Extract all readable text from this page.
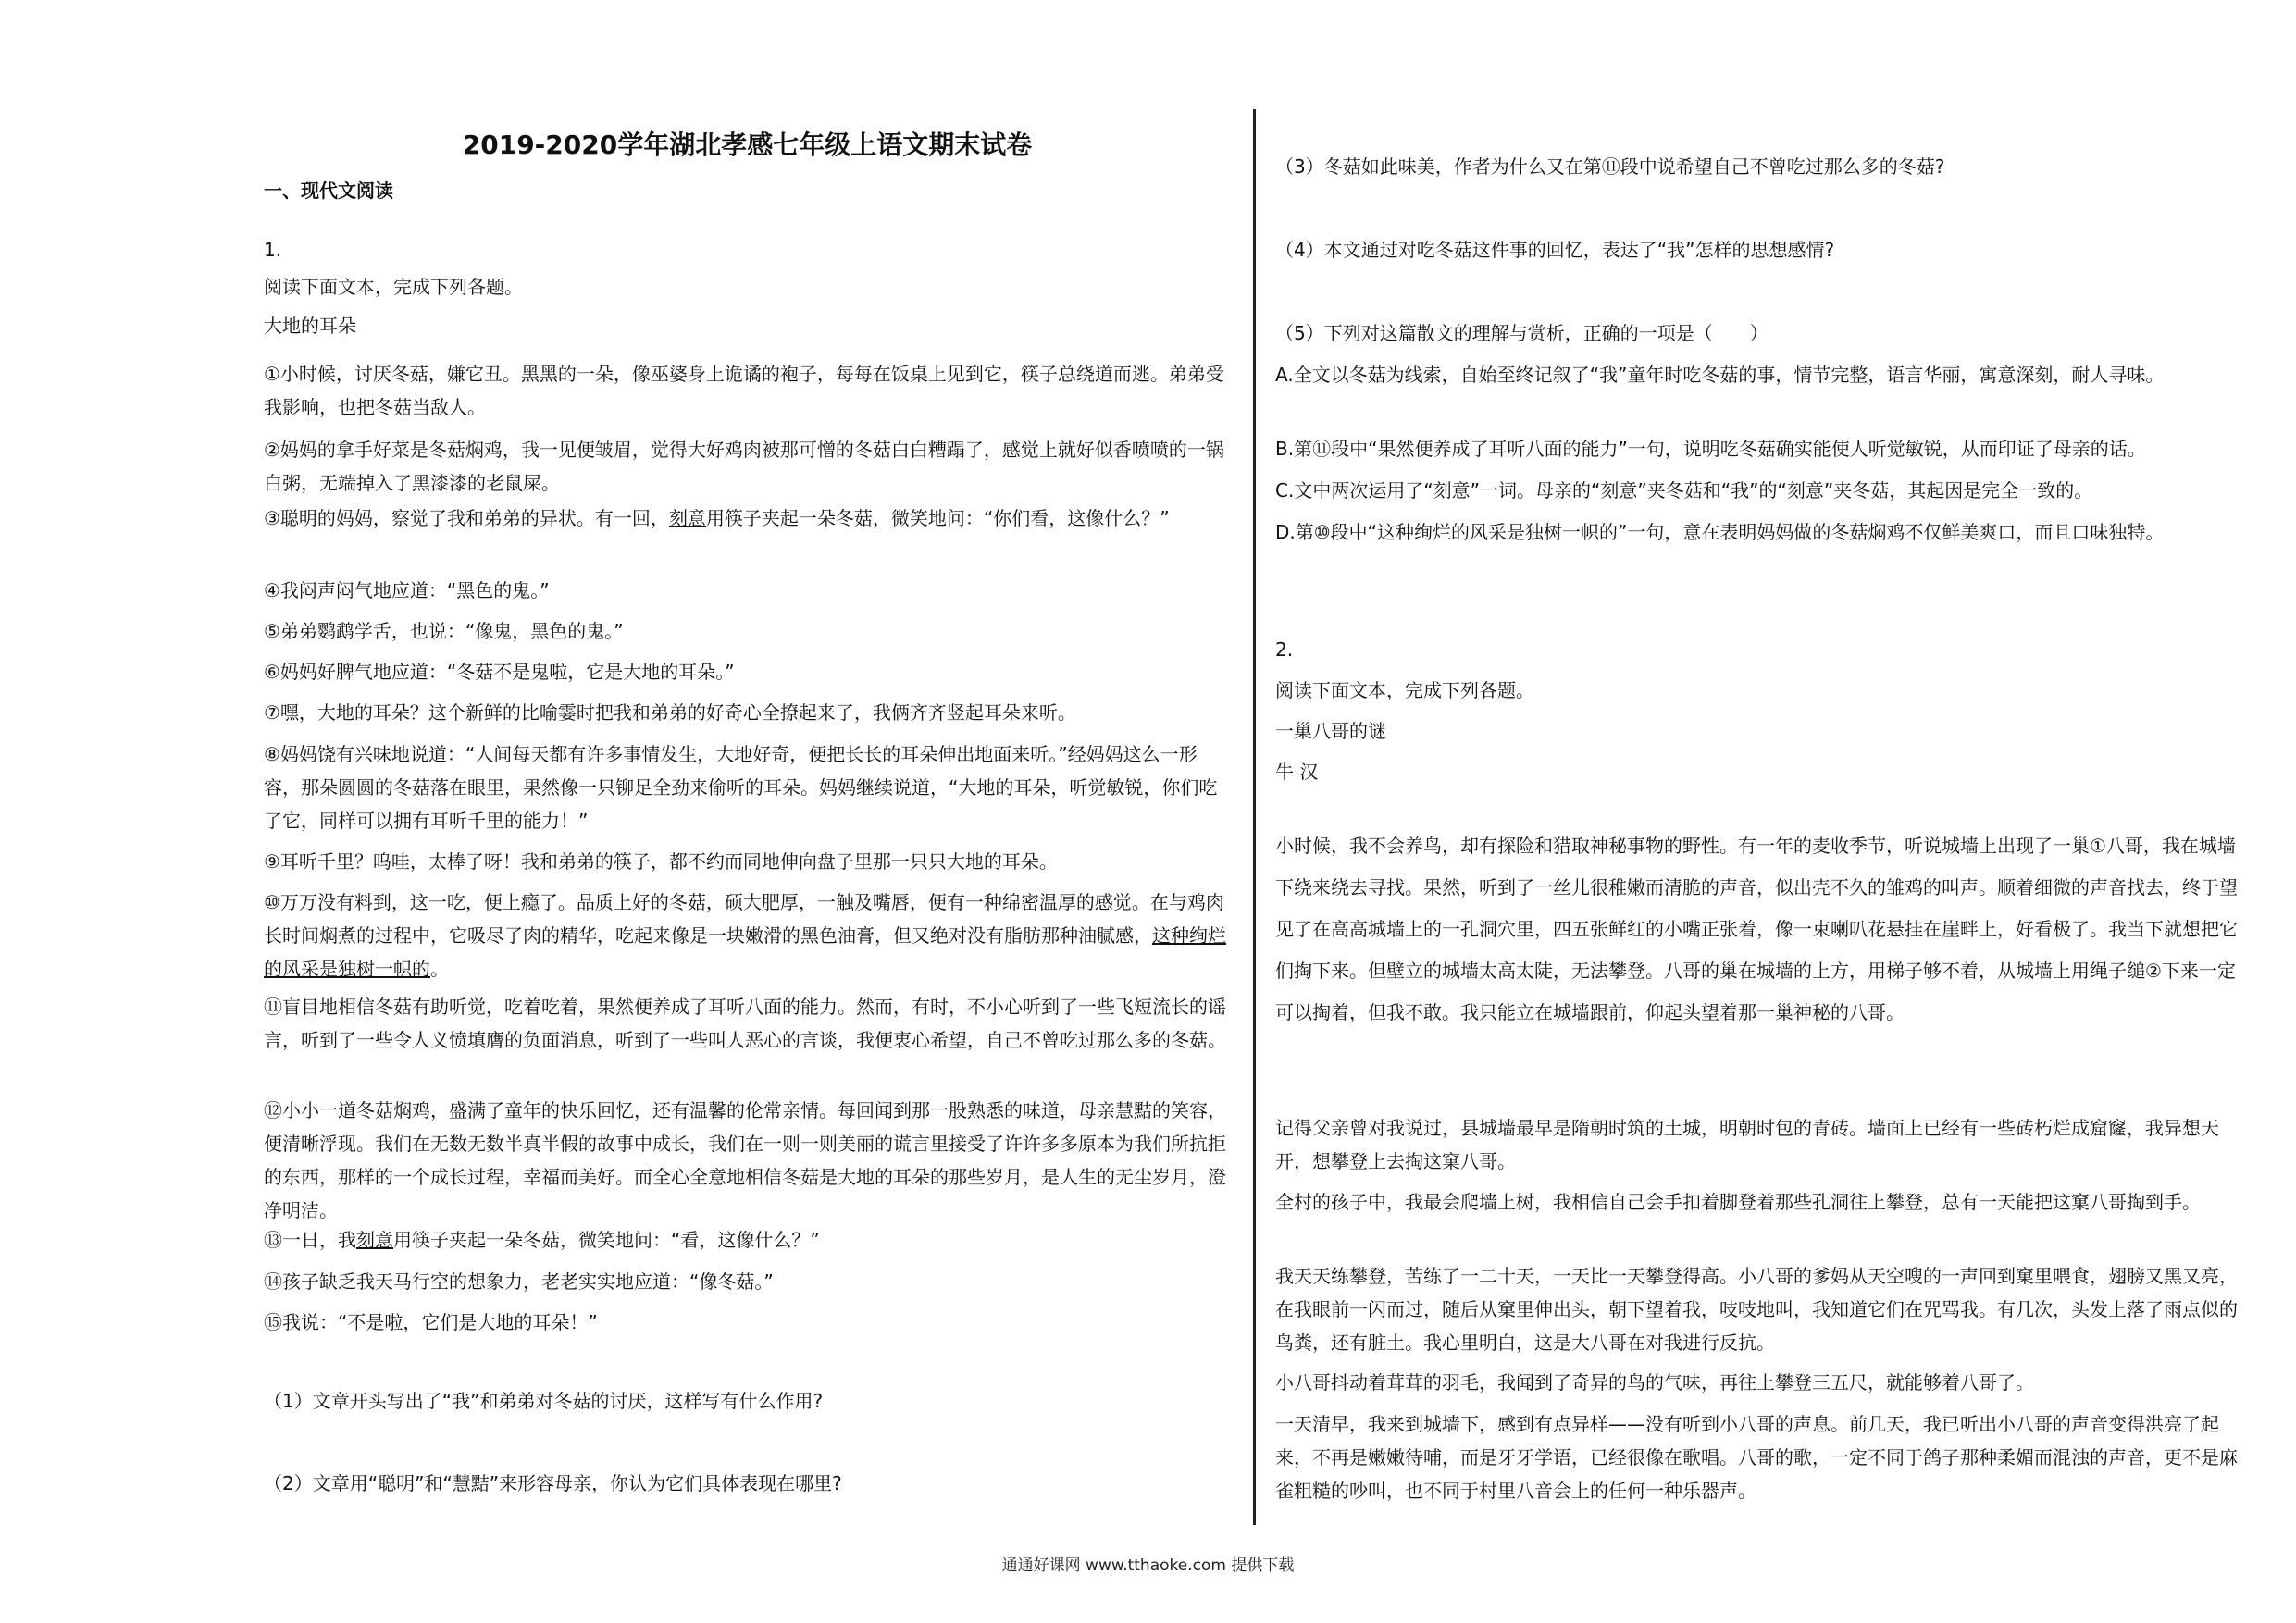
2019-2020学年湖北孝感七年级上语文期末试卷
一、现代文阅读

1.

阅读下面文本，完成下列各题。

大地的耳朵

①小时候，讨厌冬菇，嫌它丑。黑黑的一朵，像巫婆身上诡谲的袍子，每每在饭桌上见到它，筷子总绕道而逃。弟弟受我影响，也把冬菇当敌人。

②妈妈的拿手好菜是冬菇焖鸡，我一见便皱眉，觉得大好鸡肉被那可憎的冬菇白白糟蹋了，感觉上就好似香喷喷的一锅白粥，无端掉入了黑漆漆的老鼠屎。

③聪明的妈妈，察觉了我和弟弟的异状。有一回，刻意用筷子夹起一朵冬菇，微笑地问：“你们看，这像什么？”

④我闷声闷气地应道：“黑色的鬼。”

⑤弟弟鹦鹉学舌，也说：“像鬼，黑色的鬼。”

⑥妈妈好脾气地应道：“冬菇不是鬼啦，它是大地的耳朵。”

⑦嘿，大地的耳朵？这个新鲜的比喻霎时把我和弟弟的好奇心全撩起来了，我俩齐齐竖起耳朵来听。

⑧妈妈饶有兴味地说道：“人间每天都有许多事情发生，大地好奇，便把长长的耳朵伸出地面来听。”经妈妈这么一形容，那朵圆圆的冬菇落在眼里，果然像一只铆足全劲来偷听的耳朵。妈妈继续说道，“大地的耳朵，听觉敏锐，你们吃了它，同样可以拥有耳听千里的能力！”

⑨耳听千里？呜哇，太棒了呀！我和弟弟的筷子，都不约而同地伸向盘子里那一只只大地的耳朵。

⑩万万没有料到，这一吃，便上瘾了。品质上好的冬菇，硕大肥厚，一触及嘴唇，便有一种绵密温厚的感觉。在与鸡肉长时间焖煮的过程中，它吸尽了肉的精华，吃起来像是一块嫩滑的黑色油膏，但又绝对没有脂肪那种油腻感，这种绚烂的风采是独树一帜的。

⑪盲目地相信冬菇有助听觉，吃着吃着，果然便养成了耳听八面的能力。然而，有时，不小心听到了一些飞短流长的谣言，听到了一些令人义愤填膺的负面消息，听到了一些叫人恶心的言谈，我便衷心希望，自己不曾吃过那么多的冬菇。

⑫小小一道冬菇焖鸡，盛满了童年的快乐回忆，还有温馨的伦常亲情。每回闻到那一股熟悉的味道，母亲慧黠的笑容，便清晰浮现。我们在无数无数半真半假的故事中成长，我们在一则一则美丽的谎言里接受了许许多多原本为我们所抗拒的东西，那样的一个成长过程，幸福而美好。而全心全意地相信冬菇是大地的耳朵的那些岁月，是人生的无尘岁月，澄净明洁。

⑬一日，我刻意用筷子夹起一朵冬菇，微笑地问：“看，这像什么？”

⑭孩子缺乏我天马行空的想象力，老老实实地应道：“像冬菇。”

⑮我说：“不是啦，它们是大地的耳朵！”

（1）文章开头写出了“我”和弟弟对冬菇的讨厌，这样写有什么作用?

（2）文章用“聪明”和“慧黠”来形容母亲，你认为它们具体表现在哪里?

（3）冬菇如此味美，作者为什么又在第⑪段中说希望自己不曾吃过那么多的冬菇?

（4）本文通过对吃冬菇这件事的回忆，表达了“我”怎样的思想感情?

（5）下列对这篇散文的理解与赏析，正确的一项是（　　）

A.全文以冬菇为线索，自始至终记叙了“我”童年时吃冬菇的事，情节完整，语言华丽，寓意深刻，耐人寻味。

B.第⑪段中“果然便养成了耳听八面的能力”一句，说明吃冬菇确实能使人听觉敏锐，从而印证了母亲的话。

C.文中两次运用了“刻意”一词。母亲的“刻意”夹冬菇和“我”的“刻意”夹冬菇，其起因是完全一致的。

D.第⑩段中“这种绚烂的风采是独树一帜的”一句，意在表明妈妈做的冬菇焖鸡不仅鲜美爽口，而且口味独特。

2.

阅读下面文本，完成下列各题。

一巢八哥的谜

牛 汉

小时候，我不会养鸟，却有探险和猎取神秘事物的野性。有一年的麦收季节，听说城墙上出现了一巢①八哥，我在城墙下绕来绕去寻找。果然，听到了一丝儿很稚嫩而清脆的声音，似出壳不久的雏鸡的叫声。顺着细微的声音找去，终于望见了在高高城墙上的一孔洞穴里，四五张鲜红的小嘴正张着，像一束喇叭花悬挂在崖畔上，好看极了。我当下就想把它们掏下来。但壁立的城墙太高太陡，无法攀登。八哥的巢在城墙的上方，用梯子够不着，从城墙上用绳子缒②下来一定可以掏着，但我不敢。我只能立在城墙跟前，仰起头望着那一巢神秘的八哥。

记得父亲曾对我说过，县城墙最早是隋朝时筑的土城，明朝时包的青砖。墙面上已经有一些砖朽烂成窟窿，我异想天开，想攀登上去掏这窠八哥。

全村的孩子中，我最会爬墙上树，我相信自己会手扣着脚登着那些孔洞往上攀登，总有一天能把这窠八哥掏到手。

我天天练攀登，苦练了一二十天，一天比一天攀登得高。小八哥的爹妈从天空嗖的一声回到窠里喂食，翅膀又黑又亮，在我眼前一闪而过，随后从窠里伸出头，朝下望着我，吱吱地叫，我知道它们在咒骂我。有几次，头发上落了雨点似的鸟粪，还有脏土。我心里明白，这是大八哥在对我进行反抗。

小八哥抖动着茸茸的羽毛，我闻到了奇异的鸟的气味，再往上攀登三五尺，就能够着八哥了。

一天清早，我来到城墙下，感到有点异样——没有听到小八哥的声息。前几天，我已听出小八哥的声音变得洪亮了起来，不再是嫩嫩待哺，而是牙牙学语，已经很像在歌唱。八哥的歌，一定不同于鸽子那种柔媚而混浊的声音，更不是麻雀粗糙的吵叫，也不同于村里八音会上的任何一种乐器声。

通通好课网 www.tthaoke.com 提供下载
